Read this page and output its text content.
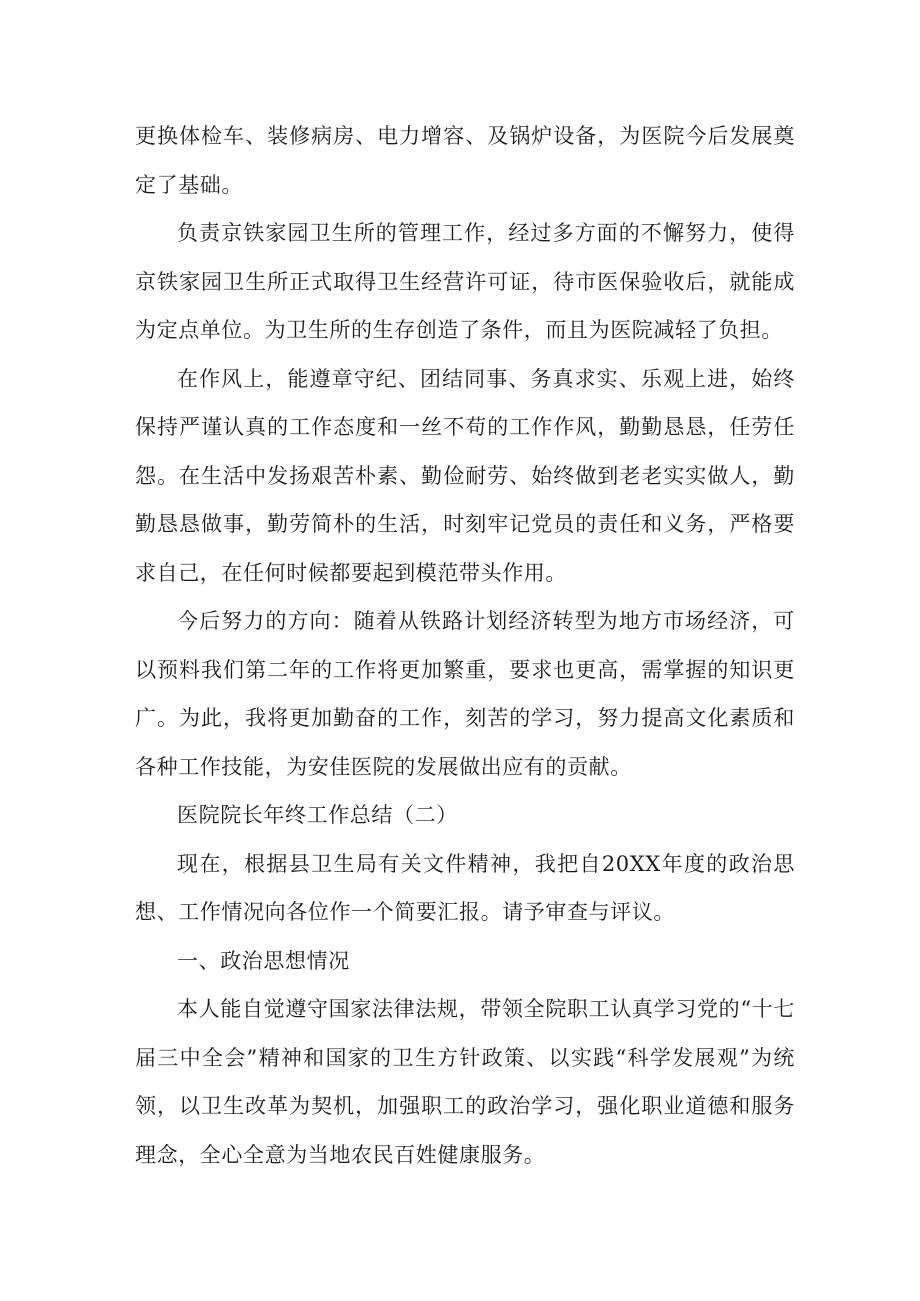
更换体检车、装修病房、电力增容、及锅炉设备，为医院今后发展奠定了基础。

负责京铁家园卫生所的管理工作，经过多方面的不懈努力，使得京铁家园卫生所正式取得卫生经营许可证，待市医保验收后，就能成为定点单位。为卫生所的生存创造了条件，而且为医院减轻了负担。

在作风上，能遵章守纪、团结同事、务真求实、乐观上进，始终保持严谨认真的工作态度和一丝不苟的工作作风，勤勤恳恳，任劳任怨。在生活中发扬艰苦朴素、勤俭耐劳、始终做到老老实实做人，勤勤恳恳做事，勤劳简朴的生活，时刻牢记党员的责任和义务，严格要求自己，在任何时候都要起到模范带头作用。

今后努力的方向：随着从铁路计划经济转型为地方市场经济，可以预料我们第二年的工作将更加繁重，要求也更高，需掌握的知识更广。为此，我将更加勤奋的工作，刻苦的学习，努力提高文化素质和各种工作技能，为安佳医院的发展做出应有的贡献。

医院院长年终工作总结（二）

现在，根据县卫生局有关文件精神，我把自20XX年度的政治思想、工作情况向各位作一个简要汇报。请予审查与评议。

一、政治思想情况

本人能自觉遵守国家法律法规，带领全院职工认真学习党的“十七届三中全会”精神和国家的卫生方针政策、以实践“科学发展观”为统领，以卫生改革为契机，加强职工的政治学习，强化职业道德和服务理念，全心全意为当地农民百姓健康服务。
